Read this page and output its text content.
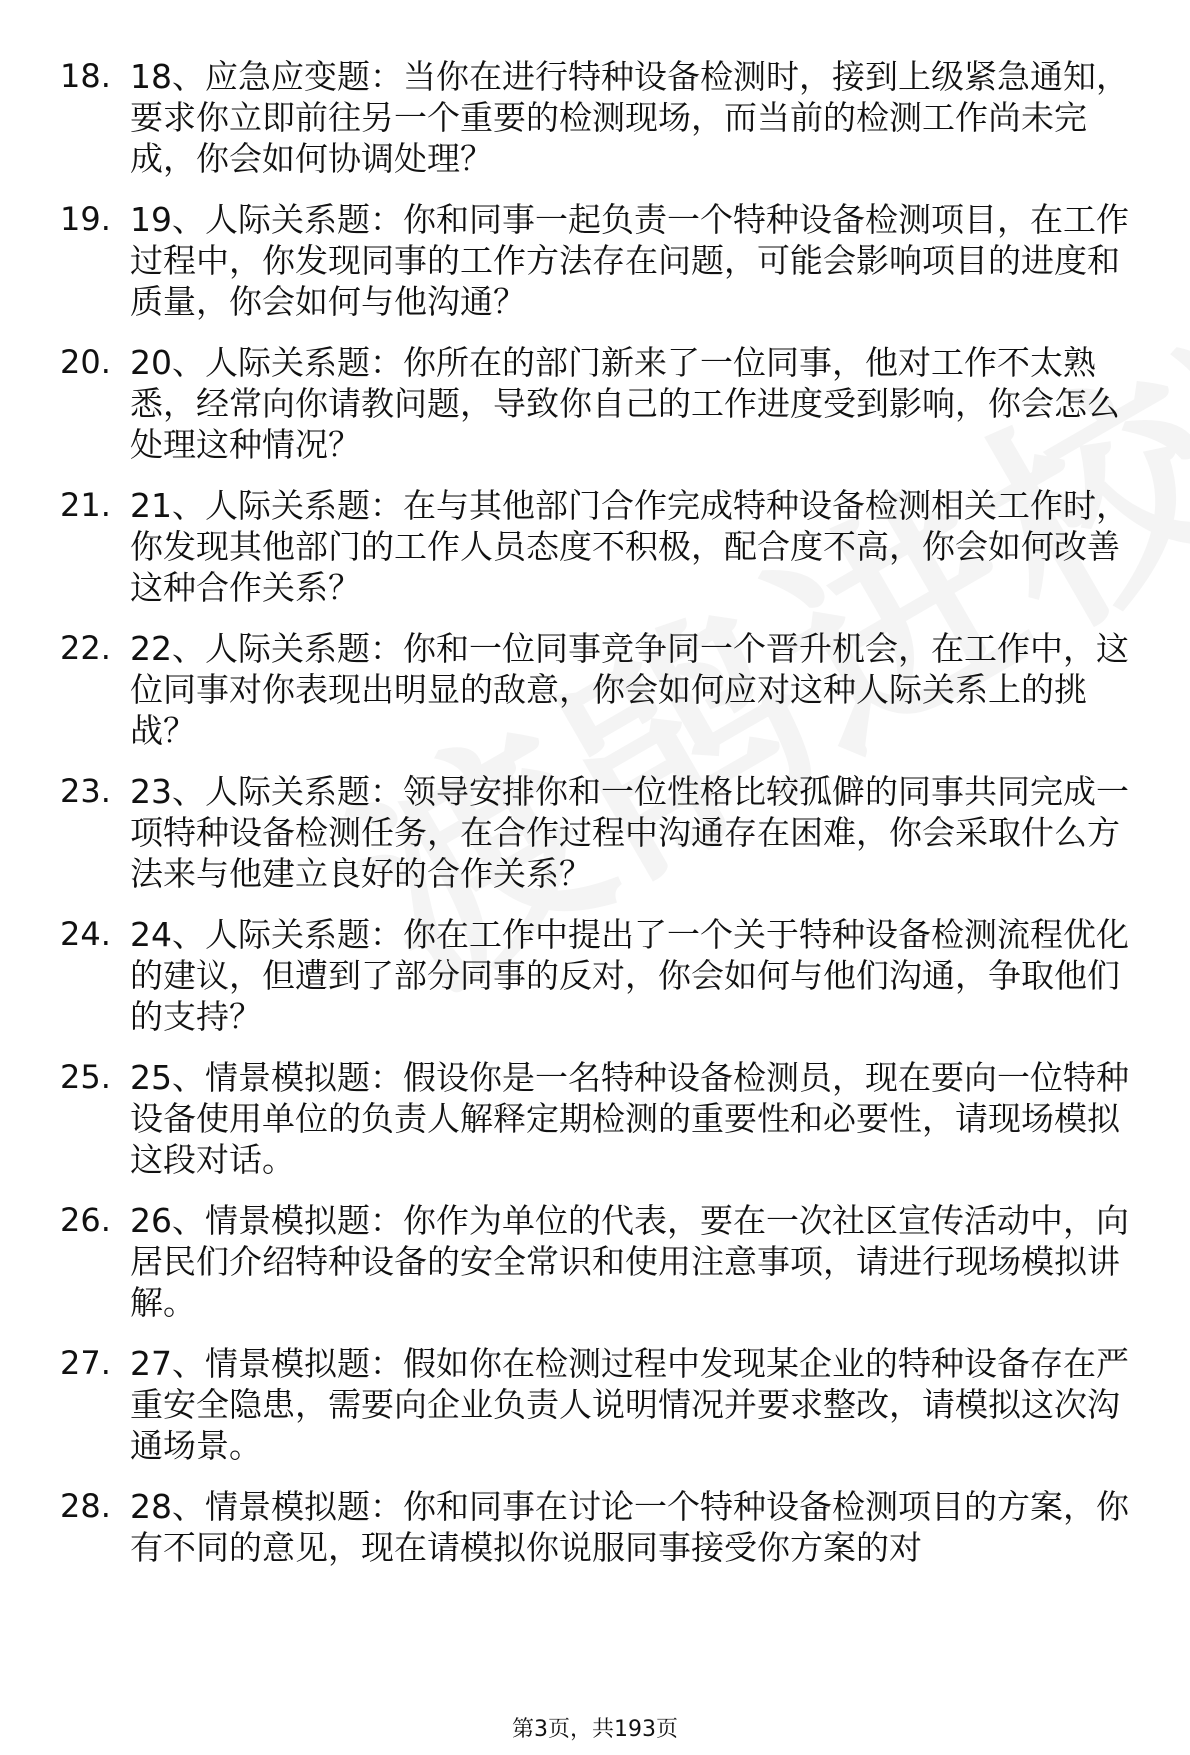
18. 18、应急应变题：当你在进行特种设备检测时，接到上级紧急通知，要求你立即前往另一个重要的检测现场，而当前的检测工作尚未完成，你会如何协调处理？
19. 19、人际关系题：你和同事一起负责一个特种设备检测项目，在工作过程中，你发现同事的工作方法存在问题，可能会影响项目的进度和质量，你会如何与他沟通？
20. 20、人际关系题：你所在的部门新来了一位同事，他对工作不太熟悉，经常向你请教问题，导致你自己的工作进度受到影响，你会怎么处理这种情况？
21. 21、人际关系题：在与其他部门合作完成特种设备检测相关工作时，你发现其他部门的工作人员态度不积极，配合度不高，你会如何改善这种合作关系？
22. 22、人际关系题：你和一位同事竞争同一个晋升机会，在工作中，这位同事对你表现出明显的敌意，你会如何应对这种人际关系上的挑战？
23. 23、人际关系题：领导安排你和一位性格比较孤僻的同事共同完成一项特种设备检测任务，在合作过程中沟通存在困难，你会采取什么方法来与他建立良好的合作关系？
24. 24、人际关系题：你在工作中提出了一个关于特种设备检测流程优化的建议，但遭到了部分同事的反对，你会如何与他们沟通，争取他们的支持？
25. 25、情景模拟题：假设你是一名特种设备检测员，现在要向一位特种设备使用单位的负责人解释定期检测的重要性和必要性，请现场模拟这段对话。
26. 26、情景模拟题：你作为单位的代表，要在一次社区宣传活动中，向居民们介绍特种设备的安全常识和使用注意事项，请进行现场模拟讲解。
27. 27、情景模拟题：假如你在检测过程中发现某企业的特种设备存在严重安全隐患，需要向企业负责人说明情况并要求整改，请模拟这次沟通场景。
28. 28、情景模拟题：你和同事在讨论一个特种设备检测项目的方案，你有不同的意见，现在请模拟你说服同事接受你方案的对
第3页，共193页
